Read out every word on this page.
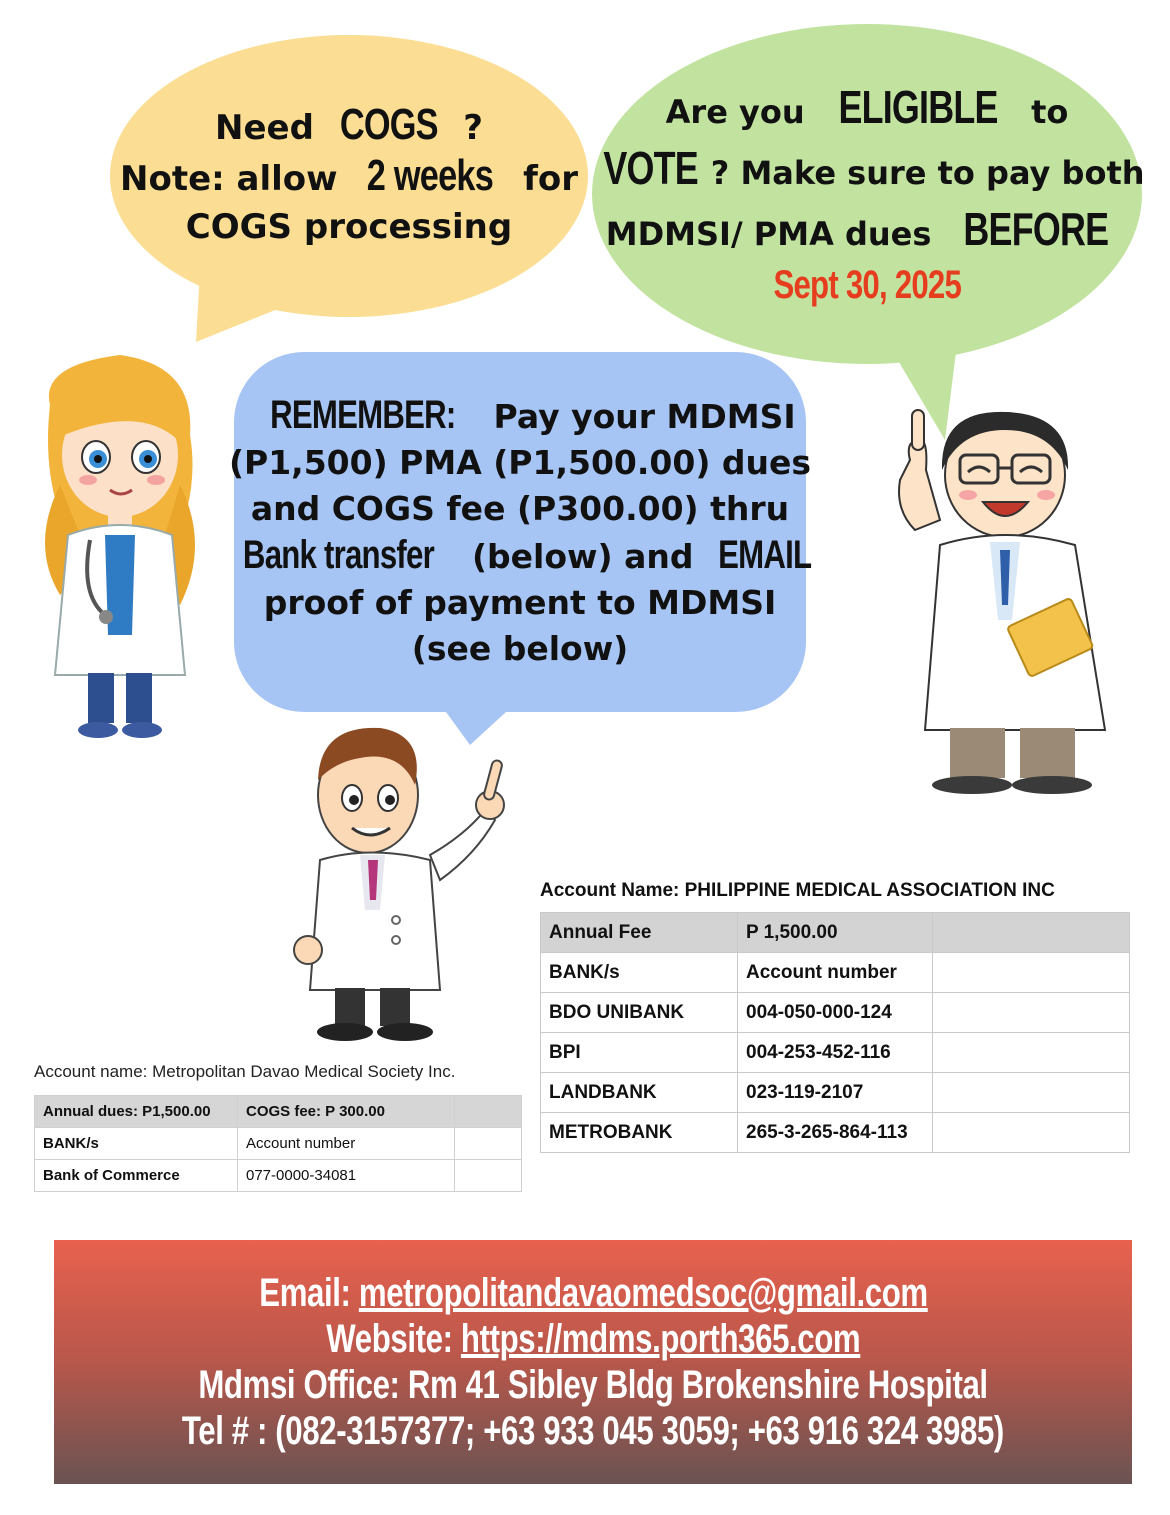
Need COGS ?
Note: allow 2 weeks for
COGS processing
Are you ELIGIBLE to
VOTE ? Make sure to pay both
MDMSI/ PMA dues BEFORE
Sept 30, 2025
REMEMBER: Pay your MDMSI
(P1,500) PMA (P1,500.00) dues
and COGS fee (P300.00) thru
Bank transfer (below) and EMAIL
proof of payment to MDMSI
(see below)
Account Name: PHILIPPINE MEDICAL ASSOCIATION INC
Annual Fee	P 1,500.00	
BANK/s	Account number	
BDO UNIBANK	004-050-000-124	
BPI	004-253-452-116	
LANDBANK	023-119-2107	
METROBANK	265-3-265-864-113	
Account name: Metropolitan Davao Medical Society Inc.
Annual dues: P1,500.00	COGS fee: P 300.00	
BANK/s	Account number	
Bank of Commerce	077-0000-34081	
Email: metropolitandavaomedsoc@gmail.com
Website: https://mdms.porth365.com
Mdmsi Office: Rm 41 Sibley Bldg Brokenshire Hospital
Tel # : (082-3157377; +63 933 045 3059; +63 916 324 3985)
